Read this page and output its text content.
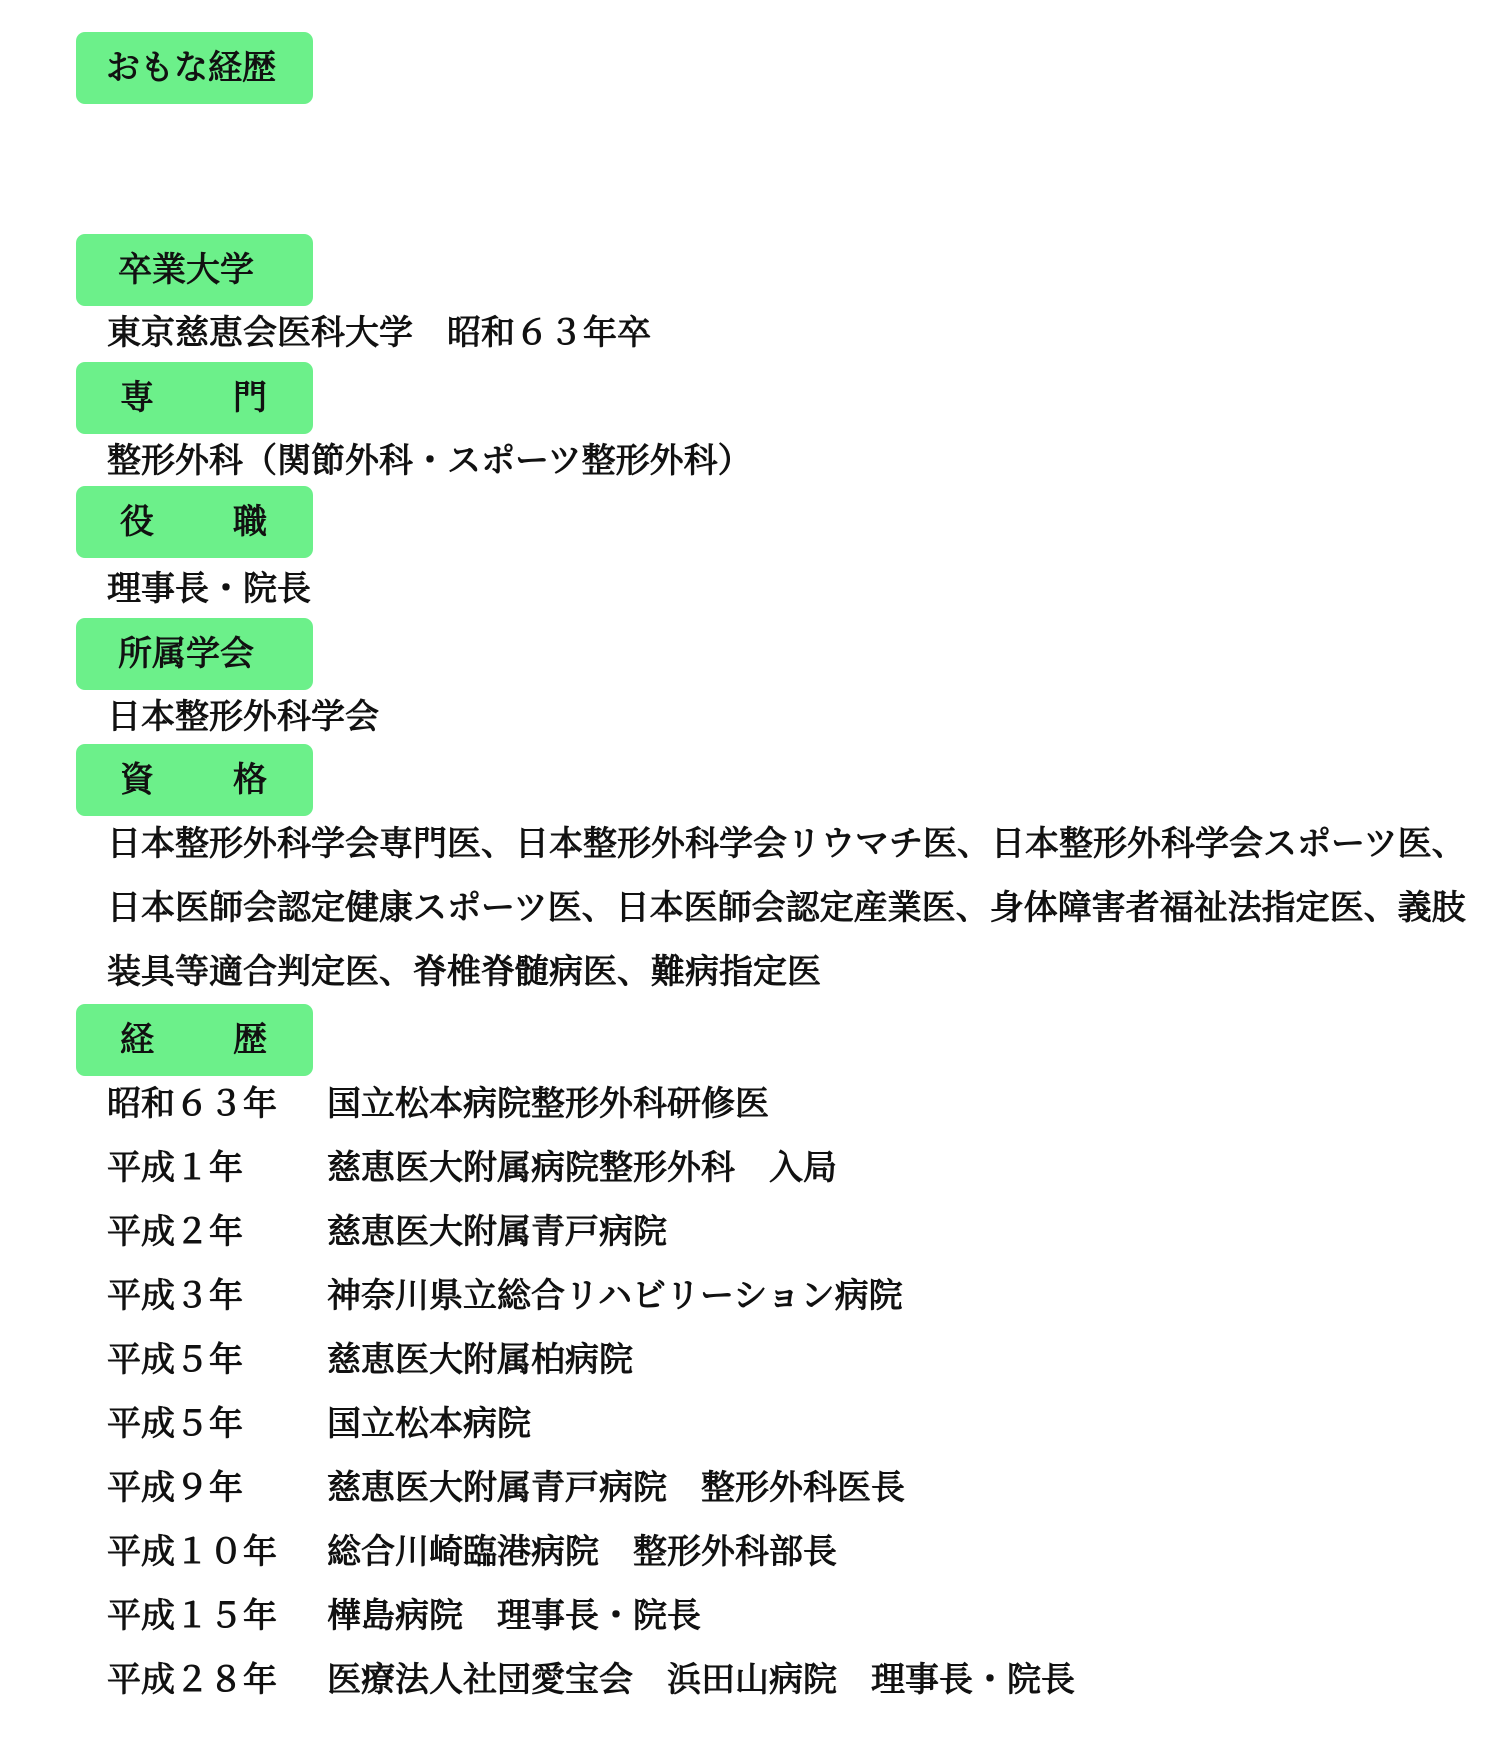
おもな経歴
卒業大学
東京慈恵会医科大学　昭和６３年卒
専 門
整形外科（関節外科・スポーツ整形外科）
役 職
理事長・院長
所属学会
日本整形外科学会
資 格
日本整形外科学会専門医、日本整形外科学会リウマチ医、日本整形外科学会スポーツ医、日本医師会認定健康スポーツ医、日本医師会認定産業医、身体障害者福祉法指定医、義肢装具等適合判定医、脊椎脊髄病医、難病指定医
経 歴
昭和６３年 国立松本病院整形外科研修医
平成１年 慈恵医大附属病院整形外科　入局
平成２年 慈恵医大附属青戸病院
平成３年 神奈川県立総合リハビリーション病院
平成５年 慈恵医大附属柏病院
平成５年 国立松本病院
平成９年 慈恵医大附属青戸病院　整形外科医長
平成１０年 総合川崎臨港病院　整形外科部長
平成１５年 樺島病院　理事長・院長
平成２８年 医療法人社団愛宝会　浜田山病院　理事長・院長
